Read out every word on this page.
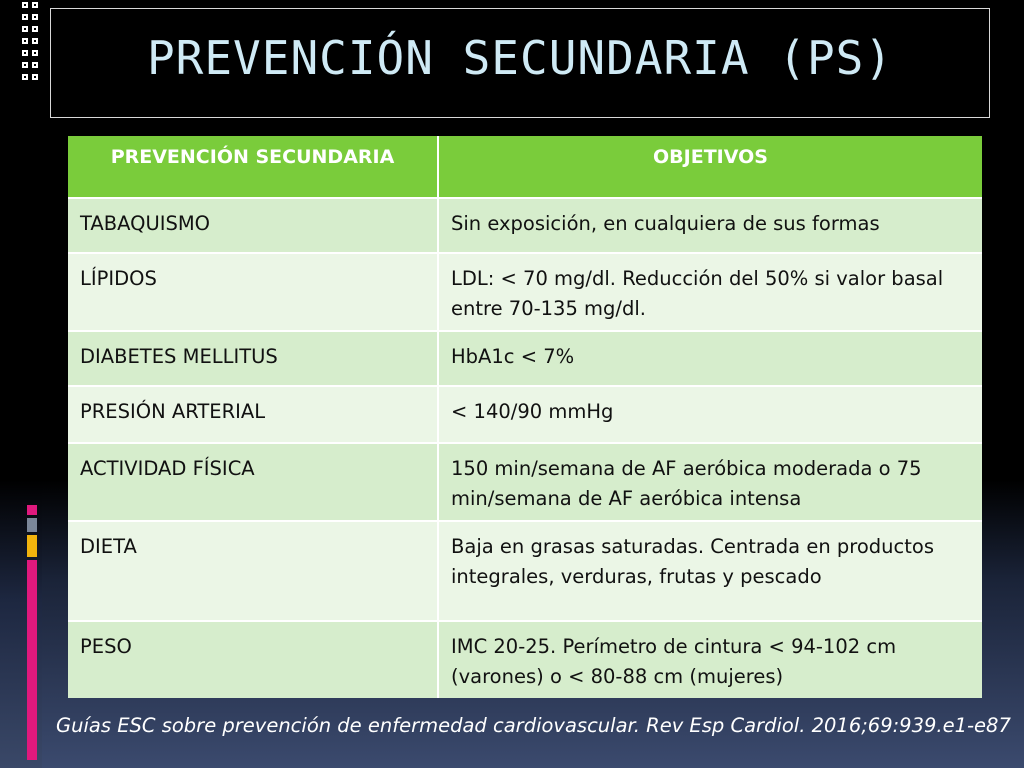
PREVENCIÓN SECUNDARIA (PS)
PREVENCIÓN SECUNDARIA	OBJETIVOS
TABAQUISMO	Sin exposición, en cualquiera de sus formas
LÍPIDOS	LDL: < 70 mg/dl. Reducción del 50% si valor basal entre 70-135 mg/dl.
DIABETES MELLITUS	HbA1c < 7%
PRESIÓN ARTERIAL	< 140/90 mmHg
ACTIVIDAD FÍSICA	150 min/semana de AF aeróbica moderada o 75 min/semana de AF aeróbica intensa
DIETA	Baja en grasas saturadas. Centrada en productos integrales, verduras, frutas y pescado
PESO	IMC 20-25. Perímetro de cintura < 94-102 cm (varones) o < 80-88 cm (mujeres)
Guías ESC sobre prevención de enfermedad cardiovascular. Rev Esp Cardiol. 2016;69:939.e1-e87
